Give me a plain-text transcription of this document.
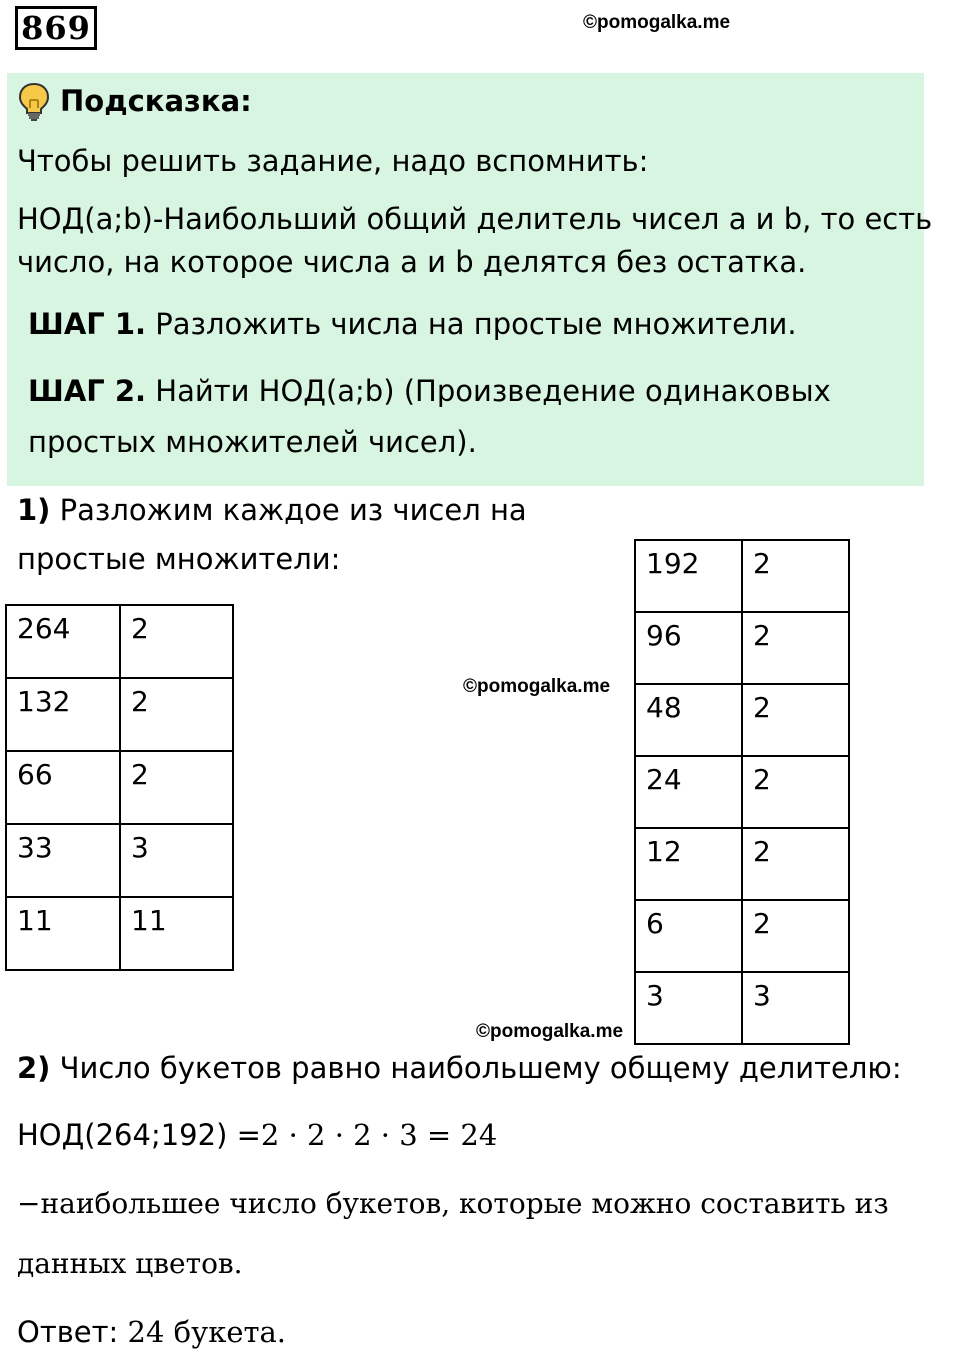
869	©pomogalka.me
Подсказка:
Чтобы решить задание, надо вспомнить:
НОД(a;b)-Наибольший общий делитель чисел a и b, то есть
число, на которое числа a и b делятся без остатка.
ШАГ 1. Разложить числа на простые множители.
ШАГ 2. Найти НОД(a;b) (Произведение одинаковых
простых множителей чисел).
1) Разложим каждое из чисел на
простые множители:
264	2
132	2
66	2
33	3
11	11
©pomogalka.me
192	2
96	2
48	2
24	2
12	2
6	2
3	3
©pomogalka.me
2) Число букетов равно наибольшему общему делителю:
НОД(264;192) =2 · 2 · 2 · 3 = 24
−наибольшее число букетов, которые можно составить из
данных цветов.
Ответ: 24 букета.
